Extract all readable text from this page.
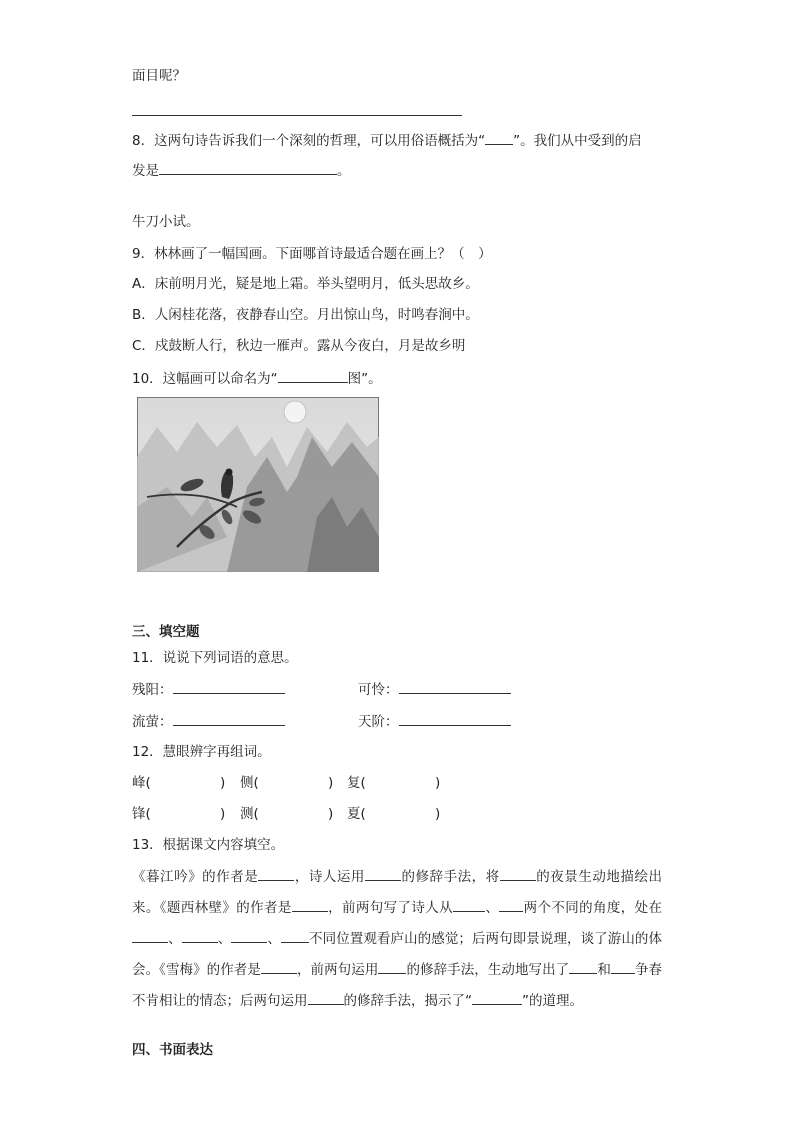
面目呢？
8．这两句诗告诉我们一个深刻的哲理，可以用俗语概括为“ ”。我们从中受到的启
发是	。
牛刀小试。
9．林林画了一幅国画。下面哪首诗最适合题在画上？（　）
A．床前明月光，疑是地上霜。举头望明月，低头思故乡。
B．人闲桂花落，夜静春山空。月出惊山鸟，时鸣春涧中。
C．戍鼓断人行，秋边一雁声。露从今夜白，月是故乡明
10．这幅画可以命名为“	图”。
三、填空题
11．说说下列词语的意思。
残阳：	可怜：
流萤：	天阶：
12．慧眼辨字再组词。
峰(	) 侧(	) 复(	)
锋(	) 测(	) 夏(	)
13．根据课文内容填空。
《暮江吟》的作者是	，诗人运用	的修辞手法，将	的夜景生动地描绘出来。《题西林壁》的作者是	，前两句写了诗人从 、 两个不同的角度，处在、	、	、 不同位置观看庐山的感觉；后两句即景说理，谈了游山的体会。《雪梅》的作者是	，前两句运用 的修辞手法，生动地写出了 和 争春不肯相让的情态；后两句运用	的修辞手法，揭示了“	”的道理。
四、书面表达
